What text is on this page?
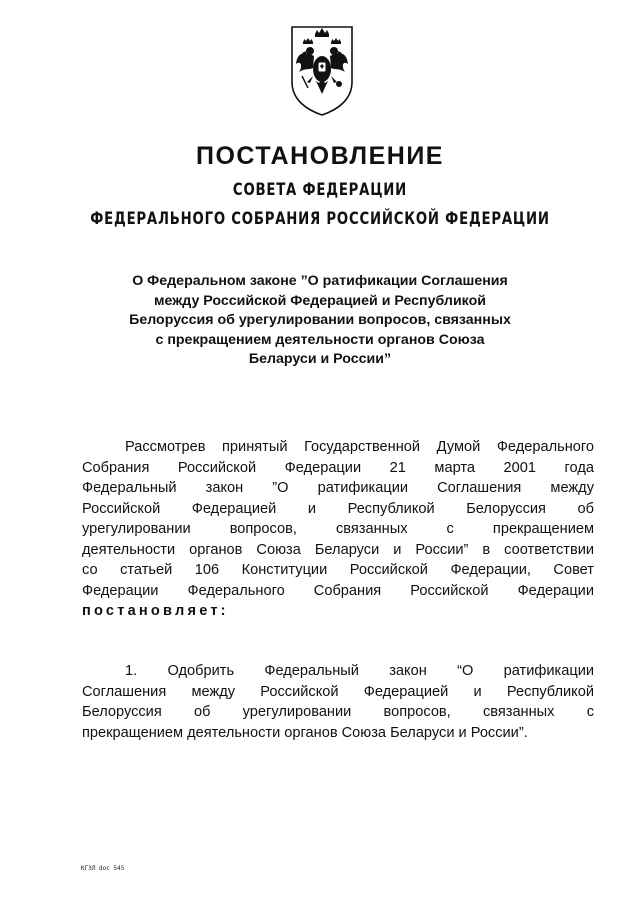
ПОСТАНОВЛЕНИЕ
СОВЕТА ФЕДЕРАЦИИ
ФЕДЕРАЛЬНОГО СОБРАНИЯ РОССИЙСКОЙ ФЕДЕРАЦИИ
О Федеральном законе ”О ратификации Соглашения
между Российской Федерацией и Республикой
Белоруссия об урегулировании вопросов, связанных
с прекращением деятельности органов Союза
Беларуси и России”
Рассмотрев принятый Государственной Думой Федерального
Собрания Российской Федерации 21 марта 2001 года
Федеральный закон ”О ратификации Соглашения между
Российской Федерацией и Республикой Белоруссия об
урегулировании вопросов, связанных с прекращением
деятельности органов Союза Беларуси и России” в соответствии
со статьей 106 Конституции Российской Федерации, Совет
Федерации Федерального Собрания Российской Федерации
постановляет:
1. Одобрить Федеральный закон “О ратификации
Соглашения между Российской Федерацией и Республикой
Белоруссия об урегулировании вопросов, связанных с
прекращением деятельности органов Союза Беларуси и России”.
КГЭЛ doc 545
